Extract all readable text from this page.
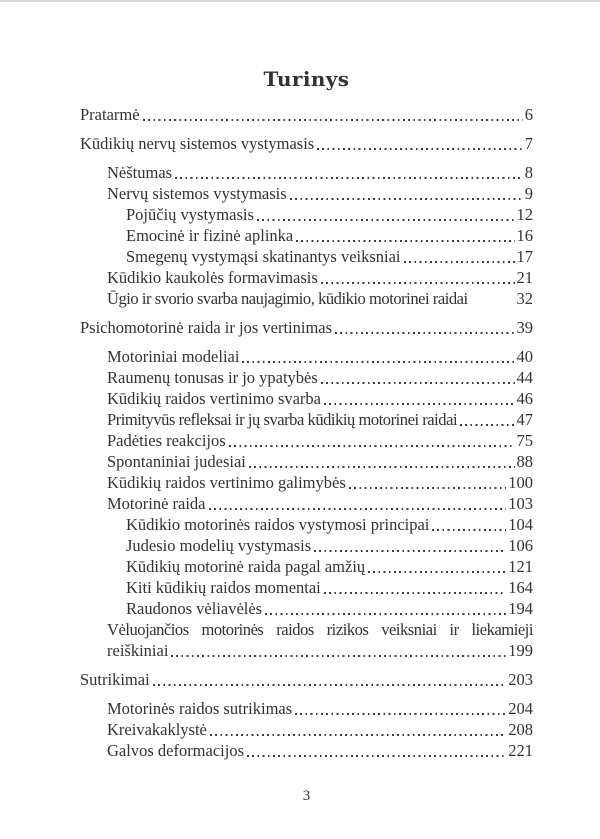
Turinys
Pratarmė	6
Kūdikių nervų sistemos vystymasis	7
Nėštumas	8
Nervų sistemos vystymasis	9
Pojūčių vystymasis	12
Emocinė ir fizinė aplinka	16
Smegenų vystymąsi skatinantys veiksniai	17
Kūdikio kaukolės formavimasis	21
Ūgio ir svorio svarba naujagimio, kūdikio motorinei raidai	32
Psichomotorinė raida ir jos vertinimas	39
Motoriniai modeliai	40
Raumenų tonusas ir jo ypatybės	44
Kūdikių raidos vertinimo svarba	46
Primityvūs refleksai ir jų svarba kūdikių motorinei raidai	47
Padėties reakcijos	75
Spontaniniai judesiai	88
Kūdikių raidos vertinimo galimybės	100
Motorinė raida	103
Kūdikio motorinės raidos vystymosi principai	104
Judesio modelių vystymasis	106
Kūdikių motorinė raida pagal amžių	121
Kiti kūdikių raidos momentai	164
Raudonos vėliavėlės	194
Vėluojančios motorinės raidos rizikos veiksniai ir liekamieji
reiškiniai	199
Sutrikimai	203
Motorinės raidos sutrikimas	204
Kreivakaklystė	208
Galvos deformacijos	221
3
